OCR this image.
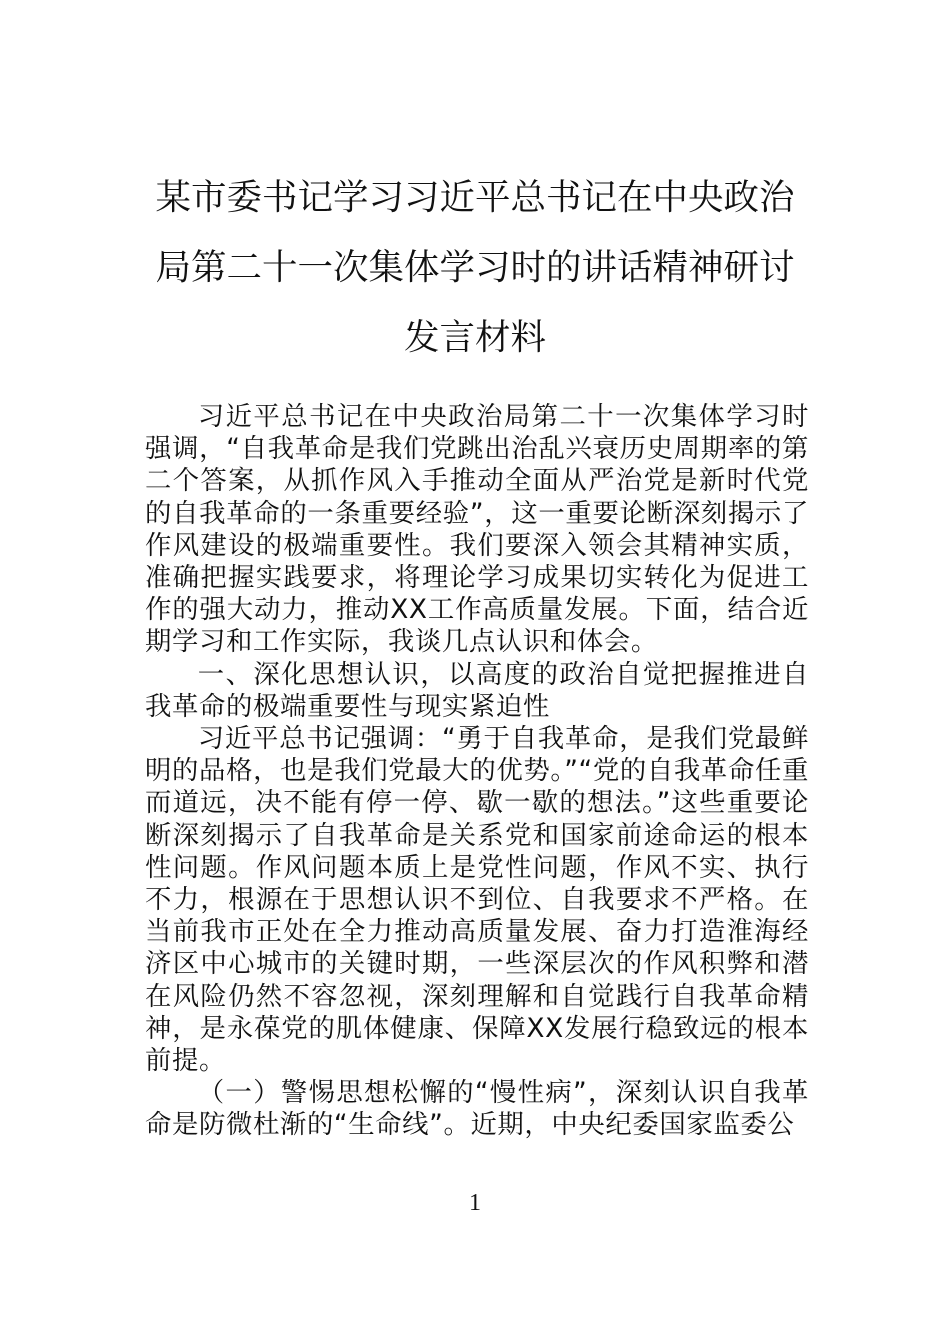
某市委书记学习习近平总书记在中央政治
局第二十一次集体学习时的讲话精神研讨
发言材料

习近平总书记在中央政治局第二十一次集体学习时强调，“自我革命是我们党跳出治乱兴衰历史周期率的第二个答案，从抓作风入手推动全面从严治党是新时代党的自我革命的一条重要经验”，这一重要论断深刻揭示了作风建设的极端重要性。我们要深入领会其精神实质，准确把握实践要求，将理论学习成果切实转化为促进工作的强大动力，推动XX工作高质量发展。下面，结合近期学习和工作实际，我谈几点认识和体会。

一、深化思想认识，以高度的政治自觉把握推进自我革命的极端重要性与现实紧迫性

习近平总书记强调：“勇于自我革命，是我们党最鲜明的品格，也是我们党最大的优势。”“党的自我革命任重而道远，决不能有停一停、歇一歇的想法。”这些重要论断深刻揭示了自我革命是关系党和国家前途命运的根本性问题。作风问题本质上是党性问题，作风不实、执行不力，根源在于思想认识不到位、自我要求不严格。在当前我市正处在全力推动高质量发展、奋力打造淮海经济区中心城市的关键时期，一些深层次的作风积弊和潜在风险仍然不容忽视，深刻理解和自觉践行自我革命精神，是永葆党的肌体健康、保障XX发展行稳致远的根本前提。

（一）警惕思想松懈的“慢性病”，深刻认识自我革命是防微杜渐的“生命线”。近期，中央纪委国家监委公

1
